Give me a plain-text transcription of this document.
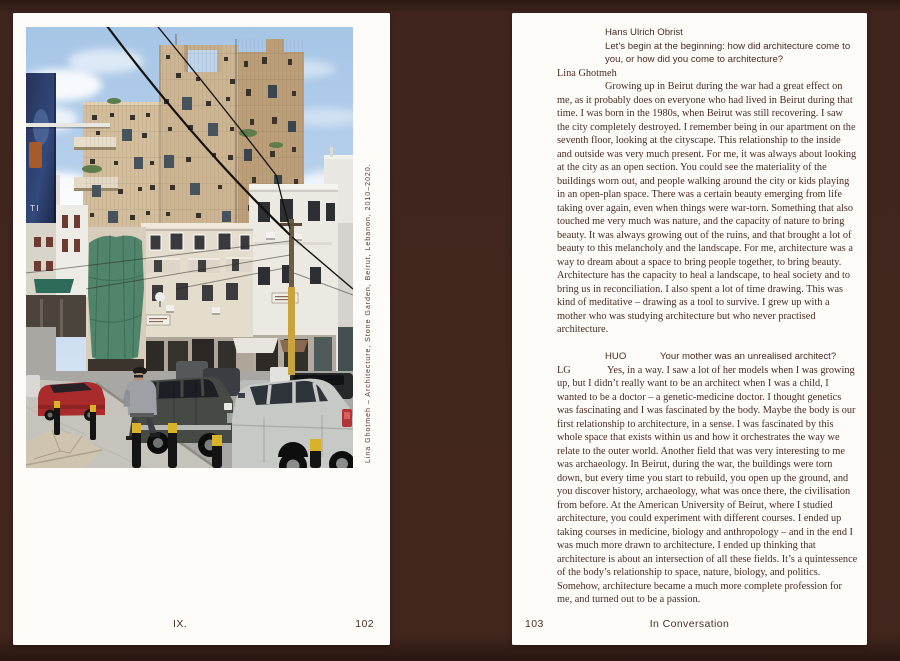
TI	Lina Ghotmeh – Architecture, Stone Garden, Beirut, Lebanon, 2010–2020.
IX.	102
Hans Ulrich Obrist
Let’s begin at the beginning: how did architecture come to you, or how did you come to architecture?
Lina Ghotmeh

Growing up in Beirut during the war had a great effect on me, as it probably does on everyone who had lived in Beirut during that time. I was born in the 1980s, when Beirut was still recovering. I saw the city completely destroyed. I remember being in our apartment on the seventh floor, looking at the cityscape. This relationship to the inside and outside was very much present. For me, it was always about looking at the city as an open section. You could see the materiality of the buildings worn out, and people walking around the city or kids playing in an open-plan space. There was a certain beauty emerging from life taking over again, even when things were war-torn. Something that also touched me very much was nature, and the capacity of nature to bring beauty. It was always growing out of the ruins, and that brought a lot of beauty to this melancholy and the landscape. For me, architecture was a way to dream about a space to bring people together, to bring beauty. Architecture has the capacity to heal a landscape, to heal society and to bring us in reconciliation. I also spent a lot of time drawing. This was kind of meditative – drawing as a tool to survive. I grew up with a mother who was studying architecture but who never practised architecture.

HUO	Your mother was an unrealised architect?

LG	Yes, in a way. I saw a lot of her models when I was growing up, but I didn’t really want to be an architect when I was a child, I wanted to be a doctor – a genetic-medicine doctor. I thought genetics was fascinating and I was fascinated by the body. Maybe the body is our first relationship to architecture, in a sense. I was fascinated by this whole space that exists within us and how it orchestrates the way we relate to the outer world. Another field that was very interesting to me was archaeology. In Beirut, during the war, the buildings were torn down, but every time you start to rebuild, you open up the ground, and you discover history, archaeology, what was once there, the civilisation from before. At the American University of Beirut, where I studied architecture, you could experiment with different courses. I ended up taking courses in medicine, biology and anthropology – and in the end I was much more drawn to architecture. I ended up thinking that architecture is about an intersection of all these fields. It’s a quintessence of the body’s relationship to space, nature, biology, and politics. Somehow, architecture became a much more complete profession for me, and turned out to be a passion.

103	In Conversation
